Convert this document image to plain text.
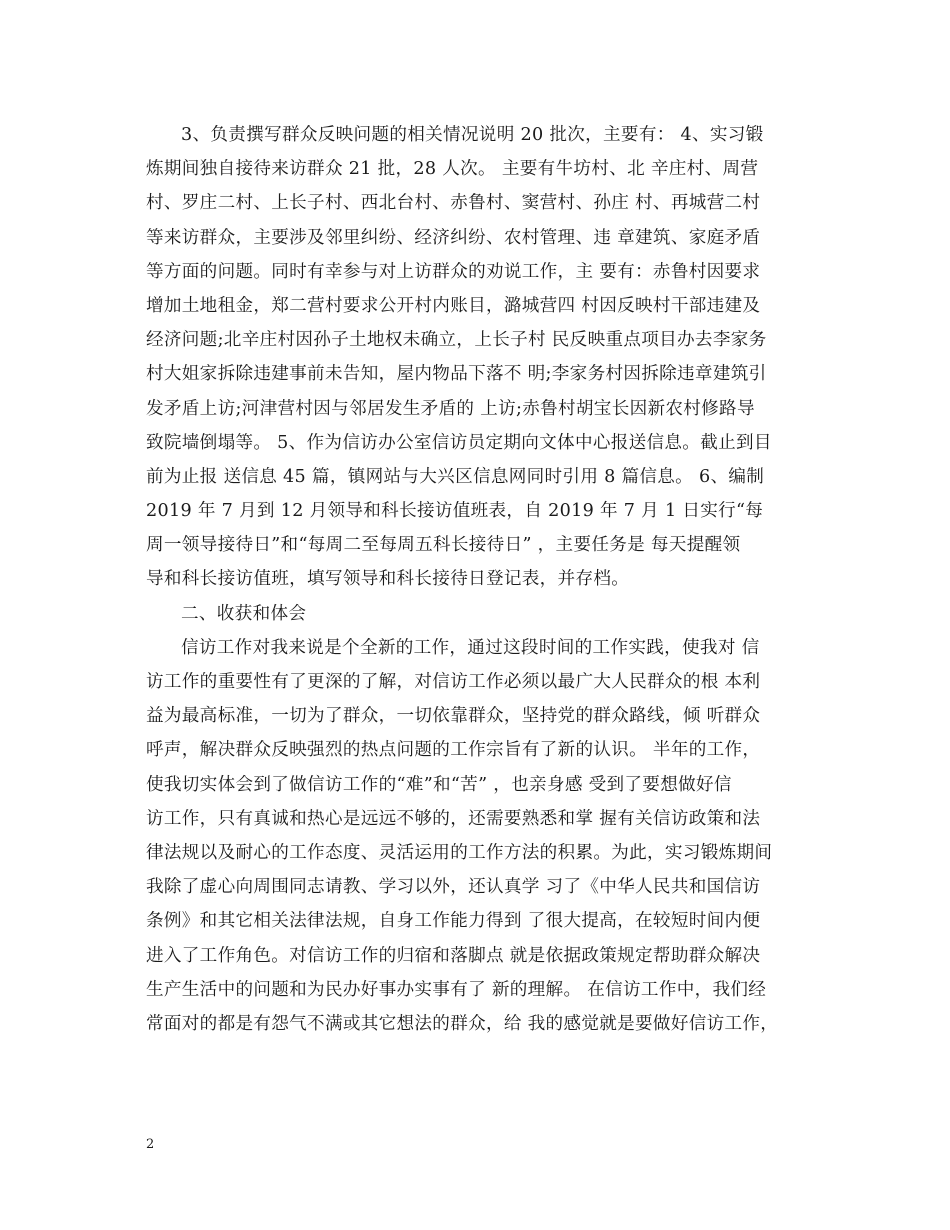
3、负责撰写群众反映问题的相关情况说明 20 批次，主要有： 4、实习锻
炼期间独自接待来访群众 21 批，28 人次。 主要有牛坊村、北 辛庄村、周营
村、罗庄二村、上长子村、西北台村、赤鲁村、窦营村、孙庄 村、再城营二村
等来访群众，主要涉及邻里纠纷、经济纠纷、农村管理、违 章建筑、家庭矛盾
等方面的问题。同时有幸参与对上访群众的劝说工作，主 要有：赤鲁村因要求
增加土地租金，郑二营村要求公开村内账目，潞城营四 村因反映村干部违建及
经济问题;北辛庄村因孙子土地权未确立，上长子村 民反映重点项目办去李家务
村大姐家拆除违建事前未告知，屋内物品下落不 明;李家务村因拆除违章建筑引
发矛盾上访;河津营村因与邻居发生矛盾的 上访;赤鲁村胡宝长因新农村修路导
致院墙倒塌等。 5、作为信访办公室信访员定期向文体中心报送信息。截止到目
前为止报 送信息 45 篇，镇网站与大兴区信息网同时引用 8 篇信息。 6、编制
2019 年 7 月到 12 月领导和科长接访值班表，自 2019 年 7 月 1 日实行“每
周一领导接待日”和“每周二至每周五科长接待日” ，主要任务是 每天提醒领
导和科长接访值班，填写领导和科长接待日登记表，并存档。
二、收获和体会
信访工作对我来说是个全新的工作，通过这段时间的工作实践，使我对 信
访工作的重要性有了更深的了解，对信访工作必须以最广大人民群众的根 本利
益为最高标准，一切为了群众，一切依靠群众，坚持党的群众路线，倾 听群众
呼声，解决群众反映强烈的热点问题的工作宗旨有了新的认识。 半年的工作，
使我切实体会到了做信访工作的“难”和“苦” ，也亲身感 受到了要想做好信
访工作，只有真诚和热心是远远不够的，还需要熟悉和掌 握有关信访政策和法
律法规以及耐心的工作态度、灵活运用的工作方法的积累。为此，实习锻炼期间
我除了虚心向周围同志请教、学习以外，还认真学 习了《中华人民共和国信访
条例》和其它相关法律法规，自身工作能力得到 了很大提高，在较短时间内便
进入了工作角色。对信访工作的归宿和落脚点 就是依据政策规定帮助群众解决
生产生活中的问题和为民办好事办实事有了 新的理解。 在信访工作中，我们经
常面对的都是有怨气不满或其它想法的群众，给 我的感觉就是要做好信访工作，
2
